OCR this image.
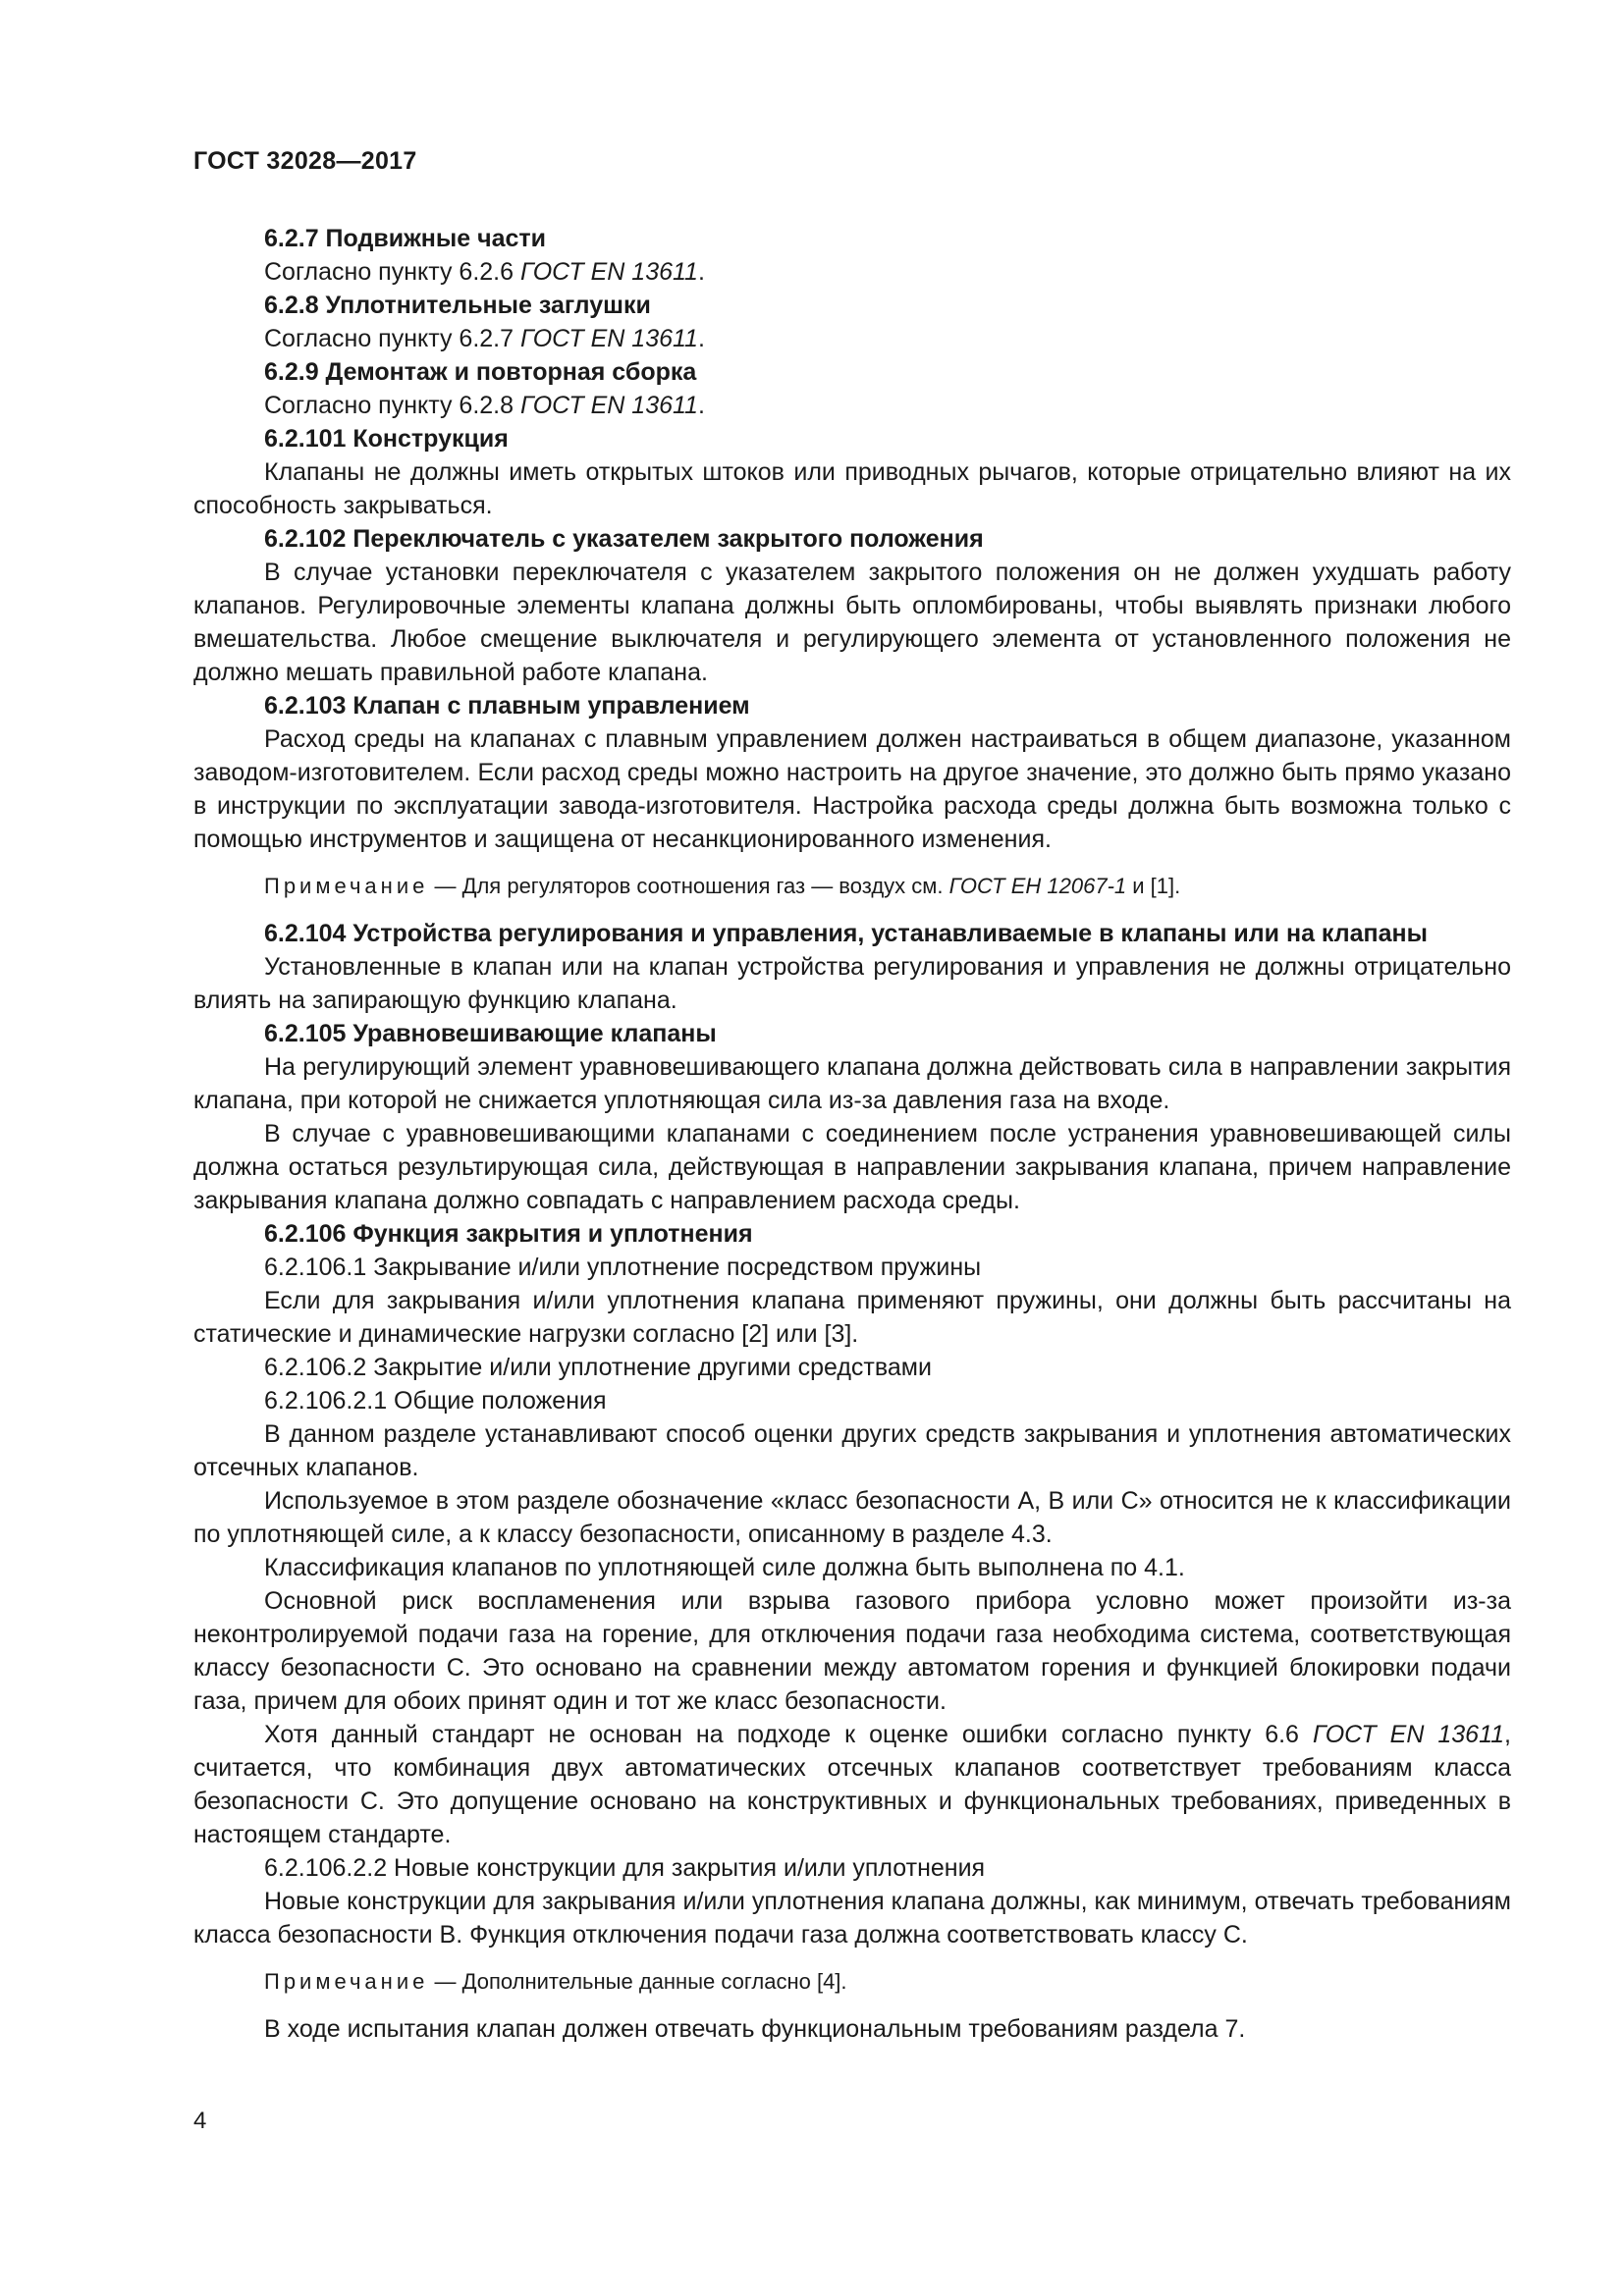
ГОСТ 32028—2017

6.2.7 Подвижные части

Согласно пункту 6.2.6 ГОСТ EN 13611.

6.2.8 Уплотнительные заглушки

Согласно пункту 6.2.7 ГОСТ EN 13611.

6.2.9 Демонтаж и повторная сборка

Согласно пункту 6.2.8 ГОСТ EN 13611.

6.2.101 Конструкция

Клапаны не должны иметь открытых штоков или приводных рычагов, которые отрицательно влияют на их способность закрываться.

6.2.102 Переключатель с указателем закрытого положения

В случае установки переключателя с указателем закрытого положения он не должен ухудшать работу клапанов. Регулировочные элементы клапана должны быть опломбированы, чтобы выявлять признаки любого вмешательства. Любое смещение выключателя и регулирующего элемента от установленного положения не должно мешать правильной работе клапана.

6.2.103 Клапан с плавным управлением

Расход среды на клапанах с плавным управлением должен настраиваться в общем диапазоне, указанном заводом-изготовителем. Если расход среды можно настроить на другое значение, это должно быть прямо указано в инструкции по эксплуатации завода-изготовителя. Настройка расхода среды должна быть возможна только с помощью инструментов и защищена от несанкционированного изменения.

Примечание — Для регуляторов соотношения газ — воздух см. ГОСТ ЕН 12067-1 и [1].

6.2.104 Устройства регулирования и управления, устанавливаемые в клапаны или на клапаны

Установленные в клапан или на клапан устройства регулирования и управления не должны отрицательно влиять на запирающую функцию клапана.

6.2.105 Уравновешивающие клапаны

На регулирующий элемент уравновешивающего клапана должна действовать сила в направлении закрытия клапана, при которой не снижается уплотняющая сила из-за давления газа на входе.

В случае с уравновешивающими клапанами с соединением после устранения уравновешивающей силы должна остаться результирующая сила, действующая в направлении закрывания клапана, причем направление закрывания клапана должно совпадать с направлением расхода среды.

6.2.106 Функция закрытия и уплотнения

6.2.106.1 Закрывание и/или уплотнение посредством пружины

Если для закрывания и/или уплотнения клапана применяют пружины, они должны быть рассчитаны на статические и динамические нагрузки согласно [2] или [3].

6.2.106.2 Закрытие и/или уплотнение другими средствами

6.2.106.2.1 Общие положения

В данном разделе устанавливают способ оценки других средств закрывания и уплотнения автоматических отсечных клапанов.

Используемое в этом разделе обозначение «класс безопасности А, В или С» относится не к классификации по уплотняющей силе, а к классу безопасности, описанному в разделе 4.3.

Классификация клапанов по уплотняющей силе должна быть выполнена по 4.1.

Основной риск воспламенения или взрыва газового прибора условно может произойти из-за неконтролируемой подачи газа на горение, для отключения подачи газа необходима система, соответствующая классу безопасности С. Это основано на сравнении между автоматом горения и функцией блокировки подачи газа, причем для обоих принят один и тот же класс безопасности.

Хотя данный стандарт не основан на подходе к оценке ошибки согласно пункту 6.6 ГОСТ EN 13611, считается, что комбинация двух автоматических отсечных клапанов соответствует требованиям класса безопасности С. Это допущение основано на конструктивных и функциональных требованиях, приведенных в настоящем стандарте.

6.2.106.2.2 Новые конструкции для закрытия и/или уплотнения

Новые конструкции для закрывания и/или уплотнения клапана должны, как минимум, отвечать требованиям класса безопасности В. Функция отключения подачи газа должна соответствовать классу С.

Примечание — Дополнительные данные согласно [4].

В ходе испытания клапан должен отвечать функциональным требованиям раздела 7.

4
